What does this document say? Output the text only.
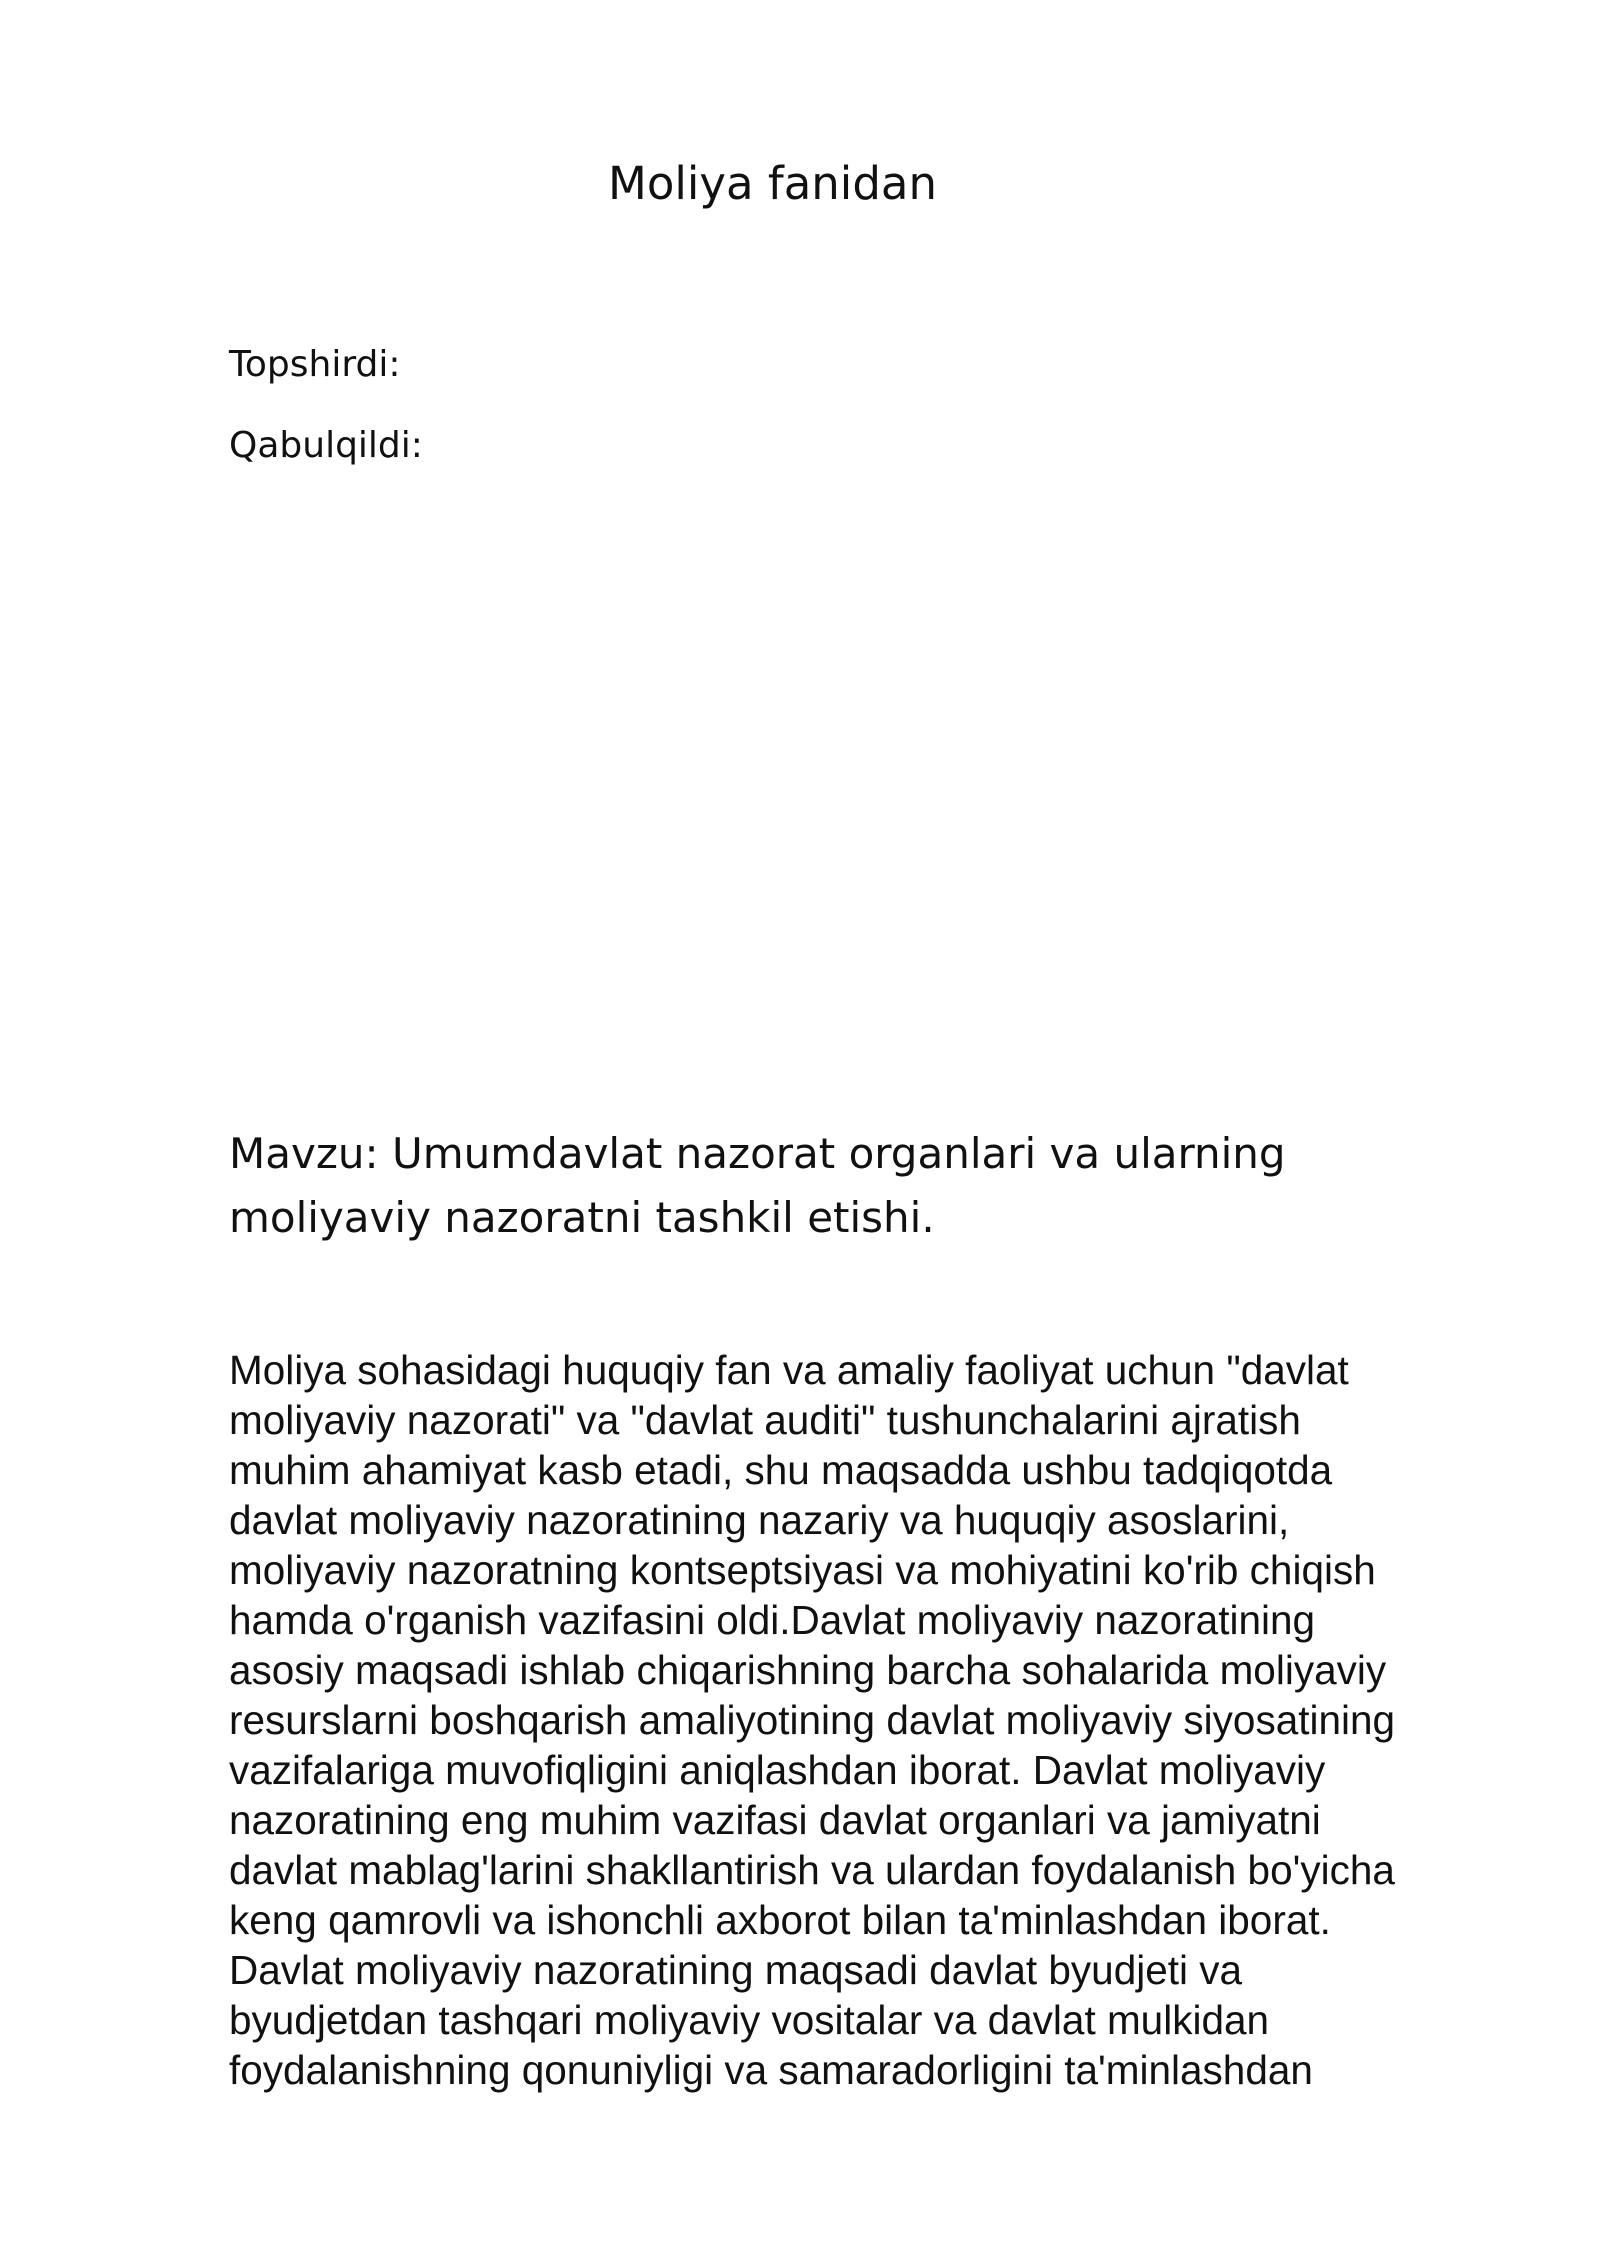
Moliya fanidan

Topshirdi:

Qabulqildi:

Mavzu: Umumdavlat nazorat organlari va ularning moliyaviy nazoratni tashkil etishi.

Moliya sohasidagi huquqiy fan va amaliy faoliyat uchun "davlat
moliyaviy nazorati" va "davlat auditi" tushunchalarini ajratish
muhim ahamiyat kasb etadi, shu maqsadda ushbu tadqiqotda
davlat moliyaviy nazoratining nazariy va huquqiy asoslarini,
moliyaviy nazoratning kontseptsiyasi va mohiyatini ko'rib chiqish
hamda o'rganish vazifasini oldi.Davlat moliyaviy nazoratining
asosiy maqsadi ishlab chiqarishning barcha sohalarida moliyaviy
resurslarni boshqarish amaliyotining davlat moliyaviy siyosatining
vazifalariga muvofiqligini aniqlashdan iborat. Davlat moliyaviy
nazoratining eng muhim vazifasi davlat organlari va jamiyatni
davlat mablag'larini shakllantirish va ulardan foydalanish bo'yicha
keng qamrovli va ishonchli axborot bilan ta'minlashdan iborat.
Davlat moliyaviy nazoratining maqsadi davlat byudjeti va
byudjetdan tashqari moliyaviy vositalar va davlat mulkidan
foydalanishning qonuniyligi va samaradorligini ta'minlashdan
